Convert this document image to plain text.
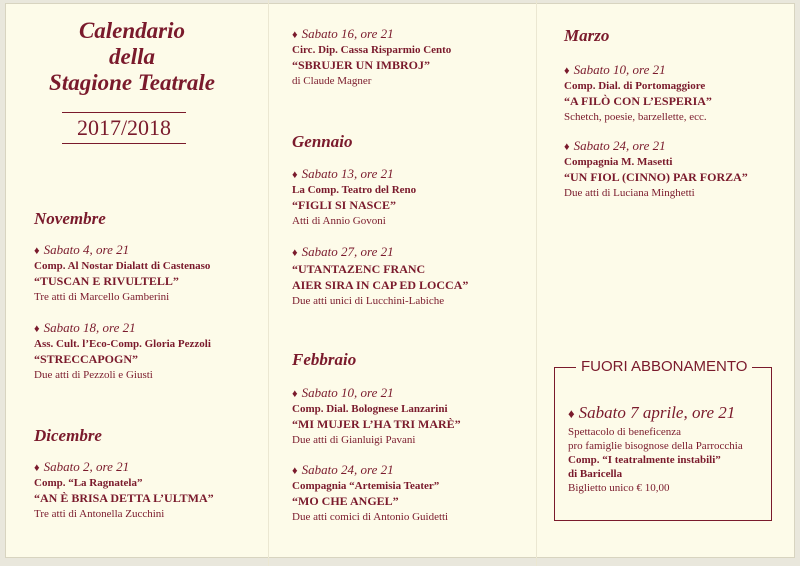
Calendario
della
Stagione Teatrale
2017/2018
Novembre
♦ Sabato 4, ore 21
Comp. Al Nostar Dialatt di Castenaso
“TUSCAN E RIVULTELL”
Tre atti di Marcello Gamberini
♦ Sabato 18, ore 21
Ass. Cult. l’Eco-Comp. Gloria Pezzoli
“STRECCAPOGN”
Due atti di Pezzoli e Giusti
Dicembre
♦ Sabato 2, ore 21
Comp. “La Ragnatela”
“AN È BRISA DETTA L’ULTMA”
Tre atti di Antonella Zucchini
♦ Sabato 16, ore 21
Circ. Dip. Cassa Risparmio Cento
“SBRUJER UN IMBROJ”
di Claude Magner
Gennaio
♦ Sabato 13, ore 21
La Comp. Teatro del Reno
“FIGLI SI NASCE”
Atti di Annio Govoni
♦ Sabato 27, ore 21
“UTANTAZENC FRANC
AIER SIRA IN CAP ED LOCCA”
Due atti unici di Lucchini-Labiche
Febbraio
♦ Sabato 10, ore 21
Comp. Dial. Bolognese Lanzarini
“MI MUJER L’HA TRI MARÈ”
Due atti di Gianluigi Pavani
♦ Sabato 24, ore 21
Compagnia “Artemisia Teater”
“MO CHE ANGEL”
Due atti comici di Antonio Guidetti
Marzo
♦ Sabato 10, ore 21
Comp. Dial. di Portomaggiore
“A FILÒ CON L’ESPERIA”
Schetch, poesie, barzellette, ecc.
♦ Sabato 24, ore 21
Compagnia M. Masetti
“UN FIOL (CINNO) PAR FORZA”
Due atti di Luciana Minghetti
FUORI ABBONAMENTO
♦ Sabato 7 aprile, ore 21
Spettacolo di beneficenza
pro famiglie bisognose della Parrocchia
Comp. “I teatralmente instabili”
di Baricella
Biglietto unico € 10,00
